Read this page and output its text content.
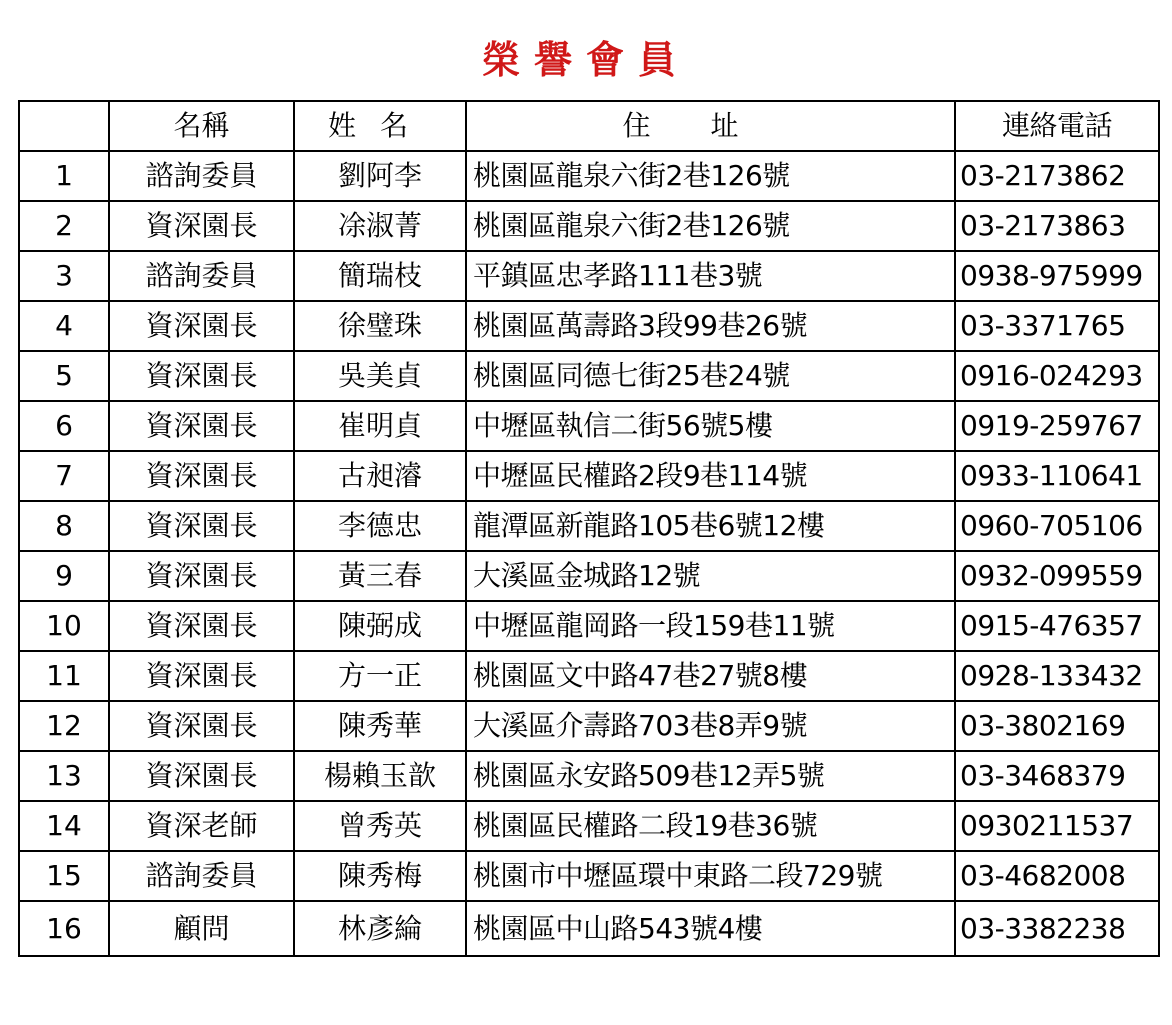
榮譽會員
	名稱	姓名	住址	連絡電話
1	諮詢委員	劉阿李	桃園區龍泉六街2巷126號	03-2173862
2	資深園長	凃淑菁	桃園區龍泉六街2巷126號	03-2173863
3	諮詢委員	簡瑞枝	平鎮區忠孝路111巷3號	0938-975999
4	資深園長	徐璧珠	桃園區萬壽路3段99巷26號	03-3371765
5	資深園長	吳美貞	桃園區同德七街25巷24號	0916-024293
6	資深園長	崔明貞	中壢區執信二街56號5樓	0919-259767
7	資深園長	古昶濬	中壢區民權路2段9巷114號	0933-110641
8	資深園長	李德忠	龍潭區新龍路105巷6號12樓	0960-705106
9	資深園長	黃三春	大溪區金城路12號	0932-099559
10	資深園長	陳弼成	中壢區龍岡路一段159巷11號	0915-476357
11	資深園長	方一正	桃園區文中路47巷27號8樓	0928-133432
12	資深園長	陳秀華	大溪區介壽路703巷8弄9號	03-3802169
13	資深園長	楊賴玉歆	桃園區永安路509巷12弄5號	03-3468379
14	資深老師	曾秀英	桃園區民權路二段19巷36號	0930211537
15	諮詢委員	陳秀梅	桃園市中壢區環中東路二段729號	03-4682008
16	顧問	林彥綸	桃園區中山路543號4樓	03-3382238
